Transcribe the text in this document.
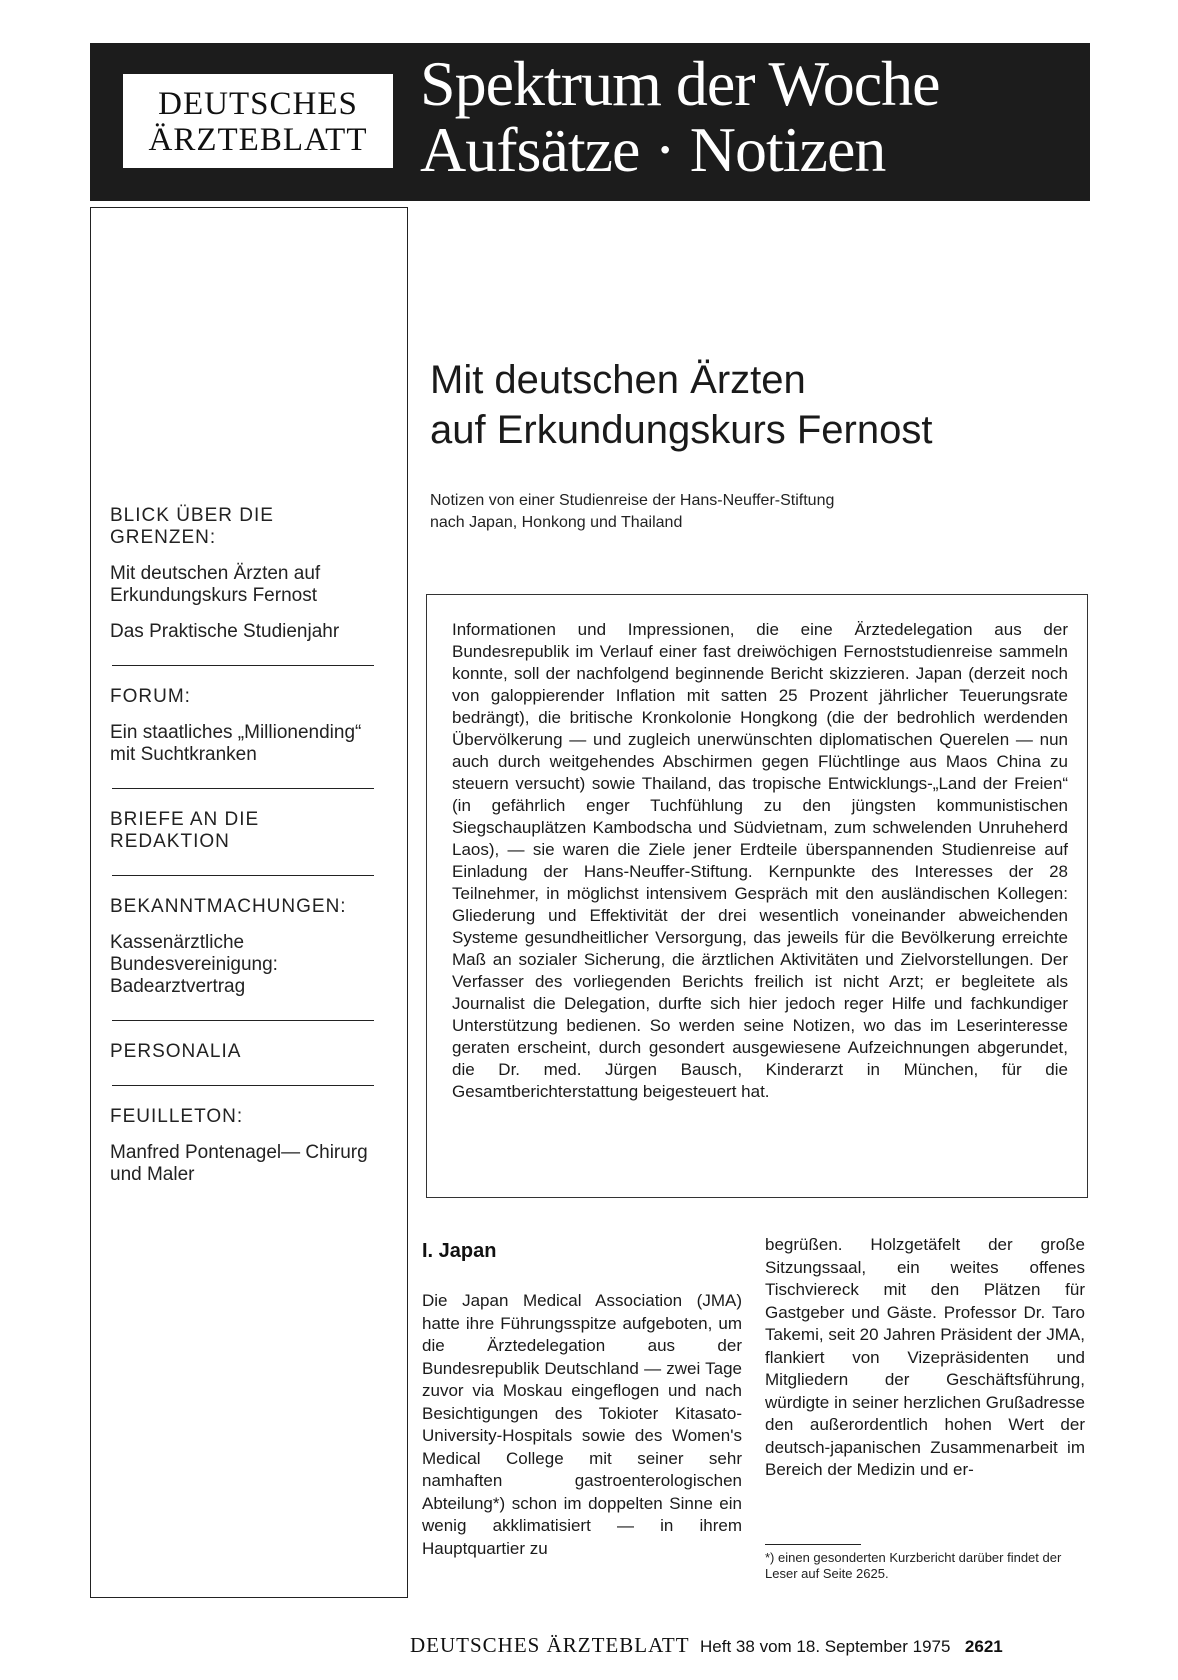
DEUTSCHES
ÄRZTEBLATT
Spektrum der Woche
Aufsätze · Notizen
BLICK ÜBER DIE GRENZEN:
Mit deutschen Ärzten auf Erkundungskurs Fernost
Das Praktische Studienjahr
FORUM:
Ein staatliches „Millionending“ mit Suchtkranken
BRIEFE AN DIE REDAKTION
BEKANNTMACHUNGEN:
Kassenärztliche Bundesvereinigung: Badearztvertrag
PERSONALIA
FEUILLETON:
Manfred Pontenagel— Chirurg und Maler
Mit deutschen Ärzten
auf Erkundungskurs Fernost
Notizen von einer Studienreise der Hans-Neuffer-Stiftung
nach Japan, Honkong und Thailand
Informationen und Impressionen, die eine Ärztedelegation aus der Bundesrepublik im Verlauf einer fast dreiwöchigen Fernoststudienreise sammeln konnte, soll der nachfolgend beginnende Bericht skizzieren. Japan (derzeit noch von galoppierender Inflation mit satten 25 Prozent jährlicher Teuerungsrate bedrängt), die britische Kronkolonie Hongkong (die der bedrohlich werdenden Übervölkerung — und zugleich unerwünschten diplomatischen Querelen — nun auch durch weitgehendes Abschirmen gegen Flüchtlinge aus Maos China zu steuern versucht) sowie Thailand, das tropische Entwicklungs-„Land der Freien“ (in gefährlich enger Tuchfühlung zu den jüngsten kommunistischen Siegschauplätzen Kambodscha und Südvietnam, zum schwelenden Unruheherd Laos), — sie waren die Ziele jener Erdteile überspannenden Studienreise auf Einladung der Hans-Neuffer-Stiftung. Kernpunkte des Interesses der 28 Teilnehmer, in möglichst intensivem Gespräch mit den ausländischen Kollegen: Gliederung und Effektivität der drei wesentlich voneinander abweichenden Systeme gesundheitlicher Versorgung, das jeweils für die Bevölkerung erreichte Maß an sozialer Sicherung, die ärztlichen Aktivitäten und Zielvorstellungen. Der Verfasser des vorliegenden Berichts freilich ist nicht Arzt; er begleitete als Journalist die Delegation, durfte sich hier jedoch reger Hilfe und fachkundiger Unterstützung bedienen. So werden seine Notizen, wo das im Leserinteresse geraten erscheint, durch gesondert ausgewiesene Aufzeichnungen abgerundet, die Dr. med. Jürgen Bausch, Kinderarzt in München, für die Gesamtberichterstattung beigesteuert hat.
I. Japan
Die Japan Medical Association (JMA) hatte ihre Führungsspitze aufgeboten, um die Ärztedelegation aus der Bundesrepublik Deutschland — zwei Tage zuvor via Moskau eingeflogen und nach Besichtigungen des Tokioter Kitasato-University-Hospitals sowie des Women's Medical College mit seiner sehr namhaften gastroenterologischen Abteilung*) schon im doppelten Sinne ein wenig akklimatisiert — in ihrem Hauptquartier zu
begrüßen. Holzgetäfelt der große Sitzungssaal, ein weites offenes Tischviereck mit den Plätzen für Gastgeber und Gäste. Professor Dr. Taro Takemi, seit 20 Jahren Präsident der JMA, flankiert von Vizepräsidenten und Mitgliedern der Geschäftsführung, würdigte in seiner herzlichen Grußadresse den außerordentlich hohen Wert der deutsch-japanischen Zusammenarbeit im Bereich der Medizin und er-
*) einen gesonderten Kurzbericht darüber findet der Leser auf Seite 2625.
DEUTSCHES ÄRZTEBLATT Heft 38 vom 18. September 1975 2621
